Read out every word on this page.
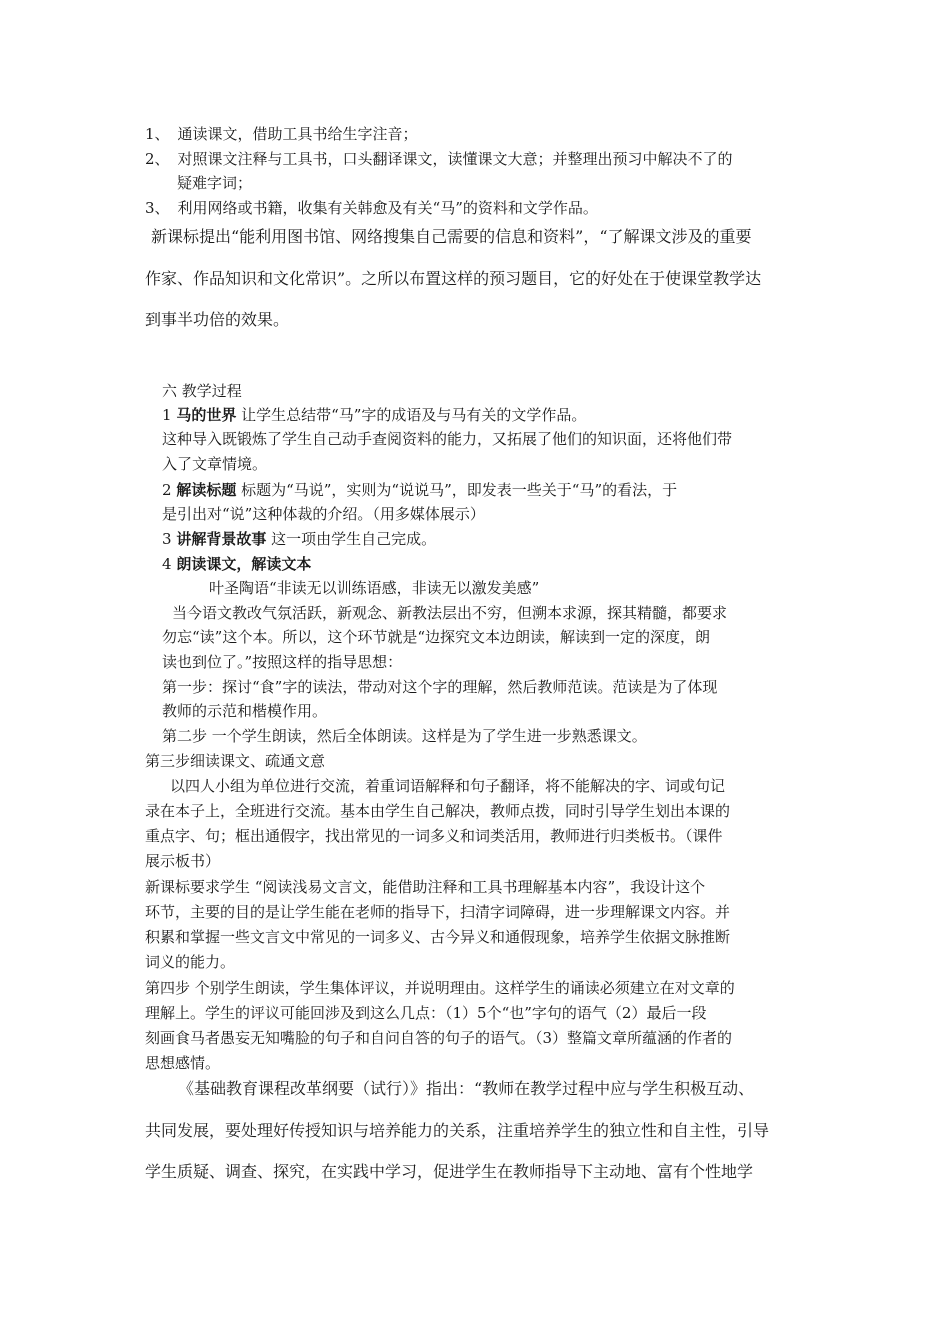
1、 通读课文，借助工具书给生字注音；
2、 对照课文注释与工具书，口头翻译课文，读懂课文大意；并整理出预习中解决不了的
疑难字词；
3、 利用网络或书籍，收集有关韩愈及有关“马”的资料和文学作品。
新课标提出“能利用图书馆、网络搜集自己需要的信息和资料”，“了解课文涉及的重要
作家、作品知识和文化常识”。之所以布置这样的预习题目，它的好处在于使课堂教学达
到事半功倍的效果。
六 教学过程
1 马的世界 让学生总结带“马”字的成语及与马有关的文学作品。
这种导入既锻炼了学生自己动手查阅资料的能力，又拓展了他们的知识面，还将他们带
入了文章情境。
2 解读标题 标题为“马说”，实则为“说说马”，即发表一些关于“马”的看法，于
是引出对“说”这种体裁的介绍。（用多媒体展示）
3 讲解背景故事 这一项由学生自己完成。
4 朗读课文，解读文本
叶圣陶语“非读无以训练语感，非读无以激发美感”
当今语文教改气氛活跃，新观念、新教法层出不穷，但溯本求源，探其精髓，都要求
勿忘“读”这个本。所以，这个环节就是“边探究文本边朗读，解读到一定的深度，朗
读也到位了。”按照这样的指导思想：
第一步：探讨“食”字的读法，带动对这个字的理解，然后教师范读。范读是为了体现
教师的示范和楷模作用。
第二步 一个学生朗读，然后全体朗读。这样是为了学生进一步熟悉课文。
第三步细读课文、疏通文意
以四人小组为单位进行交流，着重词语解释和句子翻译，将不能解决的字、词或句记
录在本子上，全班进行交流。基本由学生自己解决，教师点拨，同时引导学生划出本课的
重点字、句；框出通假字，找出常见的一词多义和词类活用，教师进行归类板书。（课件
展示板书）
新课标要求学生 “阅读浅易文言文，能借助注释和工具书理解基本内容”，我设计这个
环节，主要的目的是让学生能在老师的指导下，扫清字词障碍，进一步理解课文内容。并
积累和掌握一些文言文中常见的一词多义、古今异义和通假现象，培养学生依据文脉推断
词义的能力。
第四步 个别学生朗读，学生集体评议，并说明理由。这样学生的诵读必须建立在对文章的
理解上。学生的评议可能回涉及到这么几点：（1）5个“也”字句的语气（2）最后一段
刻画食马者愚妄无知嘴脸的句子和自问自答的句子的语气。（3）整篇文章所蕴涵的作者的
思想感情。
《基础教育课程改革纲要（试行）》指出：“教师在教学过程中应与学生积极互动、
共同发展，要处理好传授知识与培养能力的关系，注重培养学生的独立性和自主性，引导
学生质疑、调查、探究，在实践中学习，促进学生在教师指导下主动地、富有个性地学
